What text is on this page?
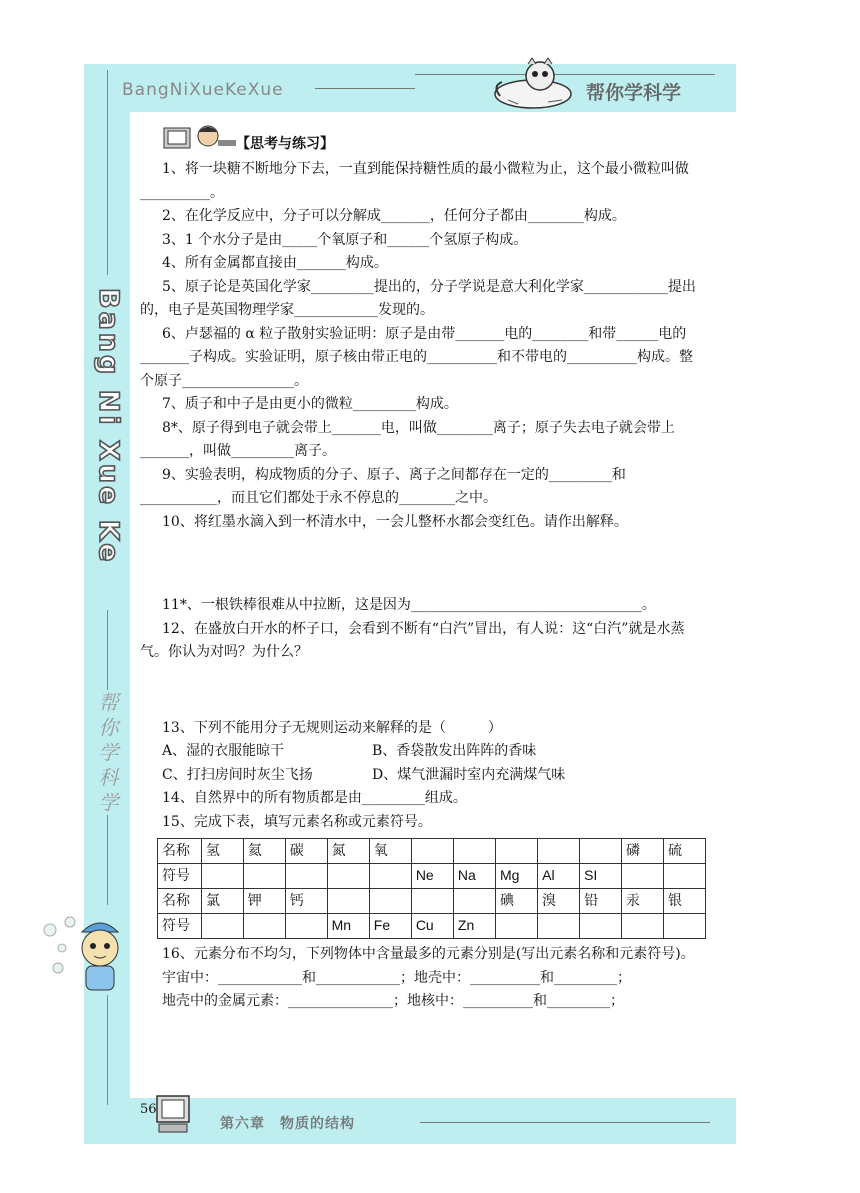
BangNiXueKeXue	帮你学科学
Bang Ni Xue Ke
帮你学科学
【思考与练习】

1、将一块糖不断地分下去，一直到能保持糖性质的最小微粒为止，这个最小微粒叫做__________。

2、在化学反应中，分子可以分解成_______，任何分子都由________构成。

3、1 个水分子是由_____个氧原子和______个氢原子构成。

4、所有金属都直接由_______构成。

5、原子论是英国化学家_________提出的，分子学说是意大利化学家____________提出的，电子是英国物理学家____________发现的。

6、卢瑟福的 α 粒子散射实验证明：原子是由带_______电的________和带______电的_______子构成。实验证明，原子核由带正电的__________和不带电的__________构成。整个原子________________。

7、质子和中子是由更小的微粒_________构成。

8*、原子得到电子就会带上_______电，叫做________离子；原子失去电子就会带上_______，叫做_________离子。

9、实验表明，构成物质的分子、原子、离子之间都存在一定的_________和___________，而且它们都处于永不停息的________之中。

10、将红墨水滴入到一杯清水中，一会儿整杯水都会变红色。请作出解释。

11*、一根铁棒很难从中拉断，这是因为_________________________________。

12、在盛放白开水的杯子口，会看到不断有“白汽”冒出，有人说：这“白汽”就是水蒸气。你认为对吗？为什么？

13、下列不能用分子无规则运动来解释的是（　　　）

A、湿的衣服能晾干	B、香袋散发出阵阵的香味
C、打扫房间时灰尘飞扬	D、煤气泄漏时室内充满煤气味

14、自然界中的所有物质都是由_________组成。

15、完成下表，填写元素名称或元素符号。

名称	氢	氦	碳	氮	氧						磷	硫
符号						Ne	Na	Mg	Al	SI		
名称	氯	钾	钙					碘	溴	铅	汞	银
符号				Mn	Fe	Cu	Zn					

16、元素分布不均匀，下列物体中含量最多的元素分别是(写出元素名称和元素符号)。

宇宙中：____________和____________；地壳中：__________和_________；
地壳中的金属元素：_______________；地核中：__________和_________；
56
第六章　物质的结构
